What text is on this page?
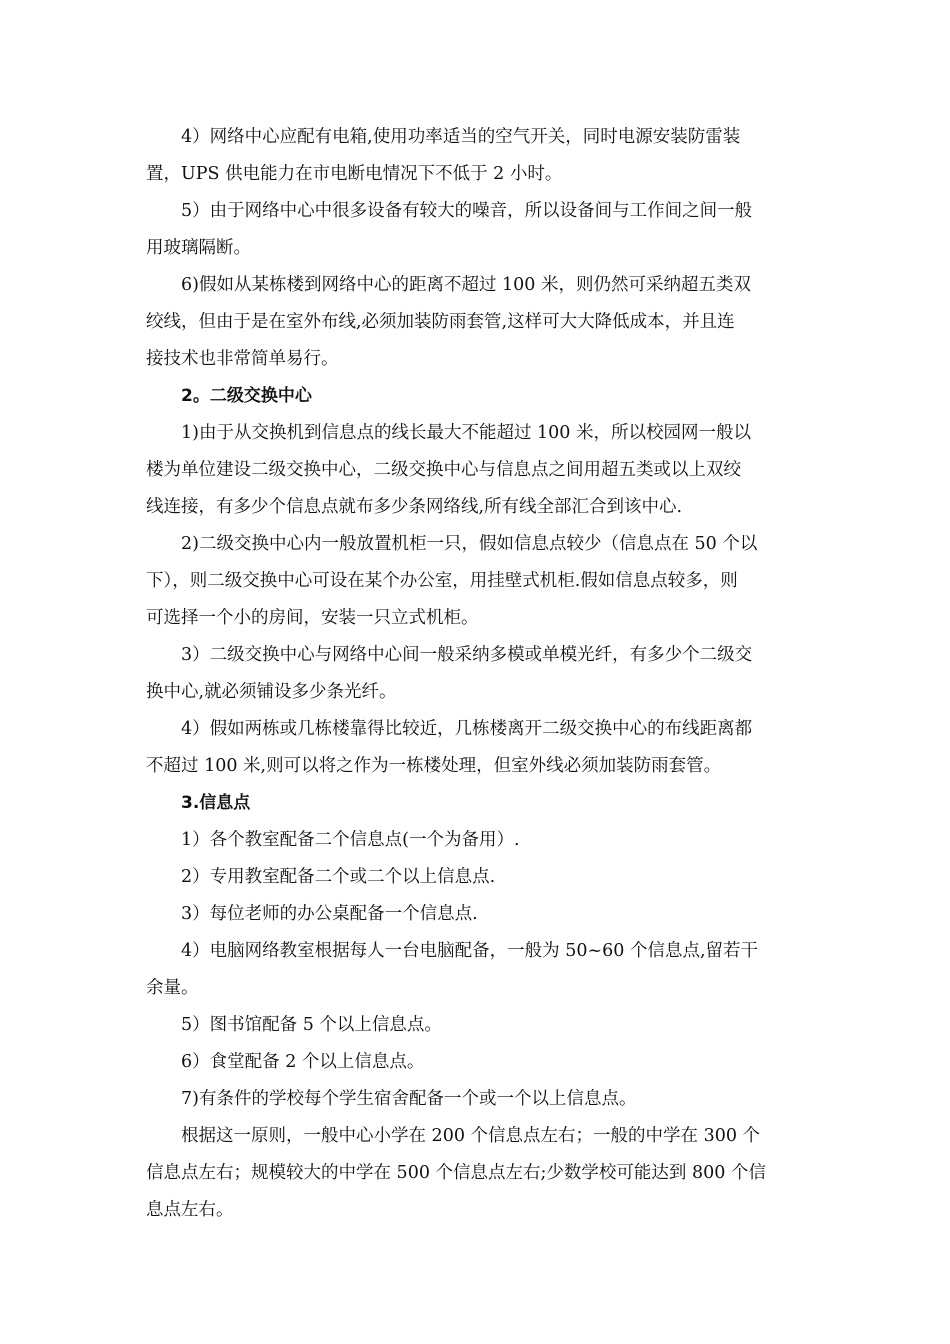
4）网络中心应配有电箱,使用功率适当的空气开关，同时电源安装防雷装
置，UPS 供电能力在市电断电情况下不低于 2 小时。
5）由于网络中心中很多设备有较大的噪音，所以设备间与工作间之间一般
用玻璃隔断。
6)假如从某栋楼到网络中心的距离不超过 100 米，则仍然可采纳超五类双
绞线，但由于是在室外布线,必须加装防雨套管,这样可大大降低成本，并且连
接技术也非常简单易行。
2。二级交换中心
1)由于从交换机到信息点的线长最大不能超过 100 米，所以校园网一般以
楼为单位建设二级交换中心，二级交换中心与信息点之间用超五类或以上双绞
线连接，有多少个信息点就布多少条网络线,所有线全部汇合到该中心.
2)二级交换中心内一般放置机柜一只，假如信息点较少（信息点在 50 个以
下），则二级交换中心可设在某个办公室，用挂壁式机柜.假如信息点较多，则
可选择一个小的房间，安装一只立式机柜。
3）二级交换中心与网络中心间一般采纳多模或单模光纤，有多少个二级交
换中心,就必须铺设多少条光纤。
4）假如两栋或几栋楼靠得比较近，几栋楼离开二级交换中心的布线距离都
不超过 100 米,则可以将之作为一栋楼处理，但室外线必须加装防雨套管。
3.信息点
1）各个教室配备二个信息点(一个为备用）.
2）专用教室配备二个或二个以上信息点.
3）每位老师的办公桌配备一个信息点.
4）电脑网络教室根据每人一台电脑配备，一般为 50~60 个信息点,留若干
余量。
5）图书馆配备 5 个以上信息点。
6）食堂配备 2 个以上信息点。
7)有条件的学校每个学生宿舍配备一个或一个以上信息点。
根据这一原则，一般中心小学在 200 个信息点左右；一般的中学在 300 个
信息点左右；规模较大的中学在 500 个信息点左右;少数学校可能达到 800 个信
息点左右。
